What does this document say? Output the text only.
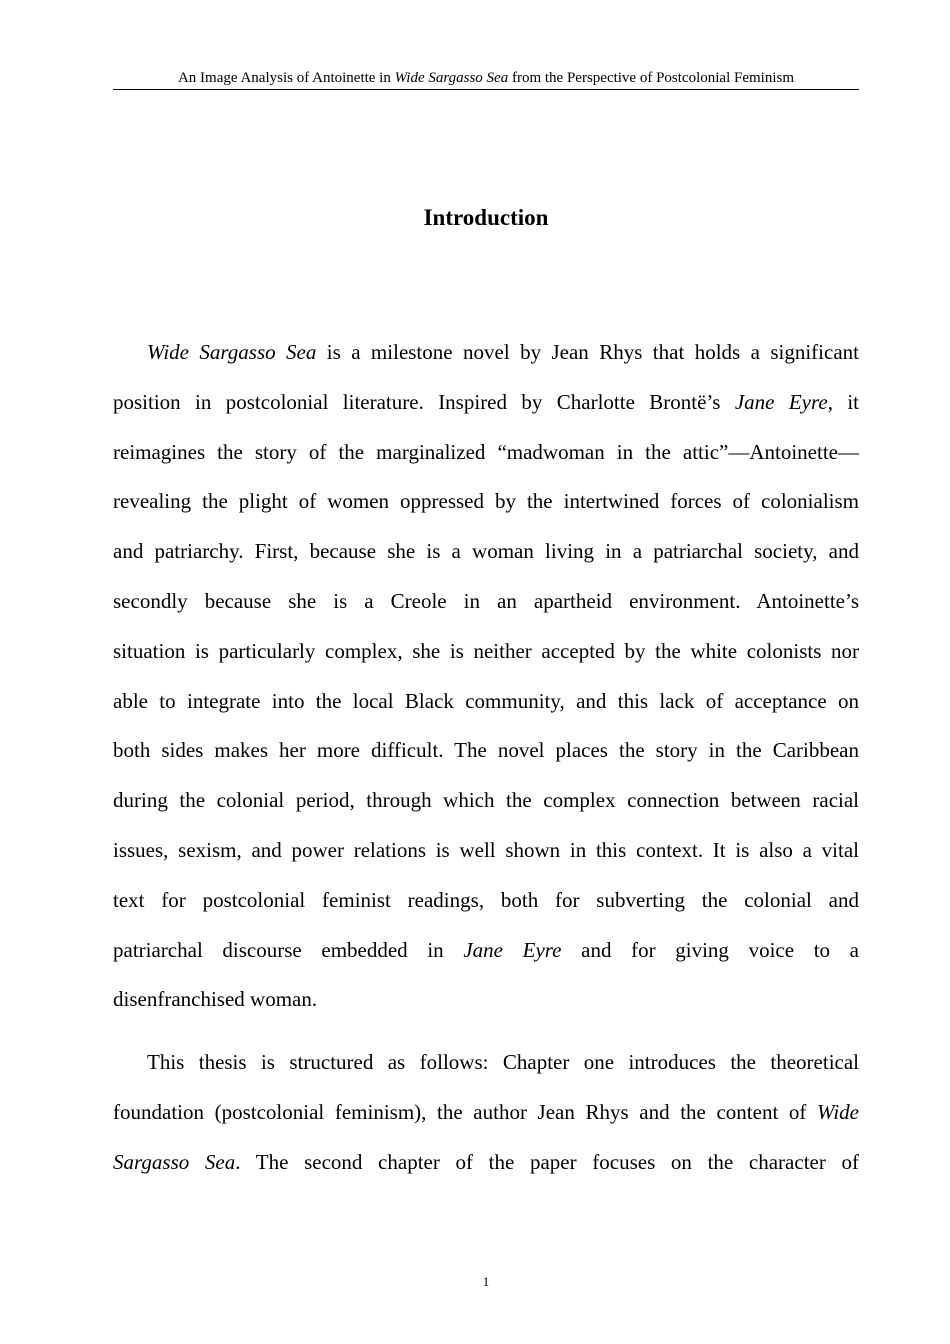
An Image Analysis of Antoinette in Wide Sargasso Sea from the Perspective of Postcolonial Feminism
Introduction
Wide Sargasso Sea is a milestone novel by Jean Rhys that holds a significant
position in postcolonial literature. Inspired by Charlotte Brontë’s Jane Eyre, it
reimagines the story of the marginalized “madwoman in the attic”—Antoinette—
revealing the plight of women oppressed by the intertwined forces of colonialism
and patriarchy. First, because she is a woman living in a patriarchal society, and
secondly because she is a Creole in an apartheid environment. Antoinette’s
situation is particularly complex, she is neither accepted by the white colonists nor
able to integrate into the local Black community, and this lack of acceptance on
both sides makes her more difficult. The novel places the story in the Caribbean
during the colonial period, through which the complex connection between racial
issues, sexism, and power relations is well shown in this context. It is also a vital
text for postcolonial feminist readings, both for subverting the colonial and
patriarchal discourse embedded in Jane Eyre and for giving voice to a
disenfranchised woman.
This thesis is structured as follows: Chapter one introduces the theoretical
foundation (postcolonial feminism), the author Jean Rhys and the content of Wide
Sargasso Sea. The second chapter of the paper focuses on the character of
1
